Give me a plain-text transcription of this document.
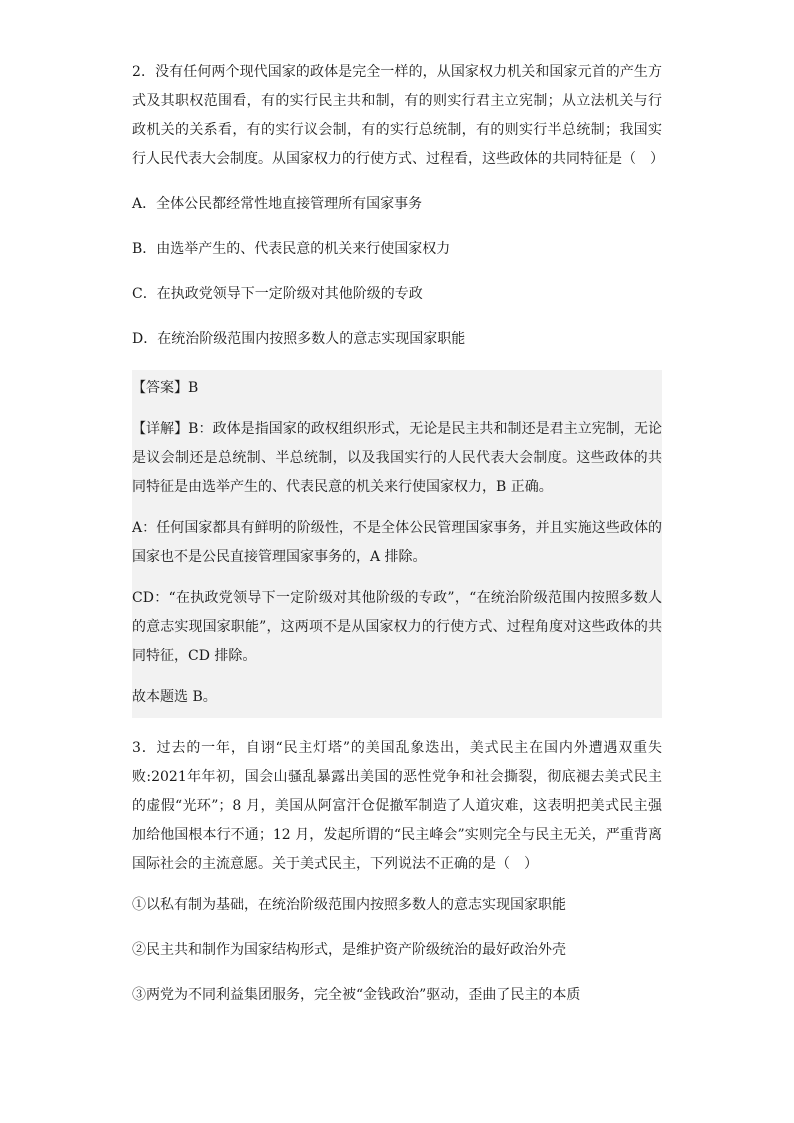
2．没有任何两个现代国家的政体是完全一样的，从国家权力机关和国家元首的产生方式及其职权范围看，有的实行民主共和制，有的则实行君主立宪制；从立法机关与行政机关的关系看，有的实行议会制，有的实行总统制，有的则实行半总统制；我国实行人民代表大会制度。从国家权力的行使方式、过程看，这些政体的共同特征是（　）

A．全体公民都经常性地直接管理所有国家事务

B．由选举产生的、代表民意的机关来行使国家权力

C．在执政党领导下一定阶级对其他阶级的专政

D．在统治阶级范围内按照多数人的意志实现国家职能

【答案】B

【详解】B：政体是指国家的政权组织形式，无论是民主共和制还是君主立宪制，无论是议会制还是总统制、半总统制，以及我国实行的人民代表大会制度。这些政体的共同特征是由选举产生的、代表民意的机关来行使国家权力，B 正确。

A：任何国家都具有鲜明的阶级性，不是全体公民管理国家事务，并且实施这些政体的国家也不是公民直接管理国家事务的，A 排除。

CD：“在执政党领导下一定阶级对其他阶级的专政”，“在统治阶级范围内按照多数人的意志实现国家职能”，这两项不是从国家权力的行使方式、过程角度对这些政体的共同特征，CD 排除。

故本题选 B。

3．过去的一年，自诩“民主灯塔”的美国乱象迭出，美式民主在国内外遭遇双重失败:2021年年初，国会山骚乱暴露出美国的恶性党争和社会撕裂，彻底褪去美式民主的虚假“光环”；8 月，美国从阿富汗仓促撤军制造了人道灾难，这表明把美式民主强加给他国根本行不通；12 月，发起所谓的“民主峰会”实则完全与民主无关，严重背离国际社会的主流意愿。关于美式民主，下列说法不正确的是（　）

①以私有制为基础，在统治阶级范围内按照多数人的意志实现国家职能

②民主共和制作为国家结构形式，是维护资产阶级统治的最好政治外壳

③两党为不同利益集团服务，完全被“金钱政治”驱动，歪曲了民主的本质
